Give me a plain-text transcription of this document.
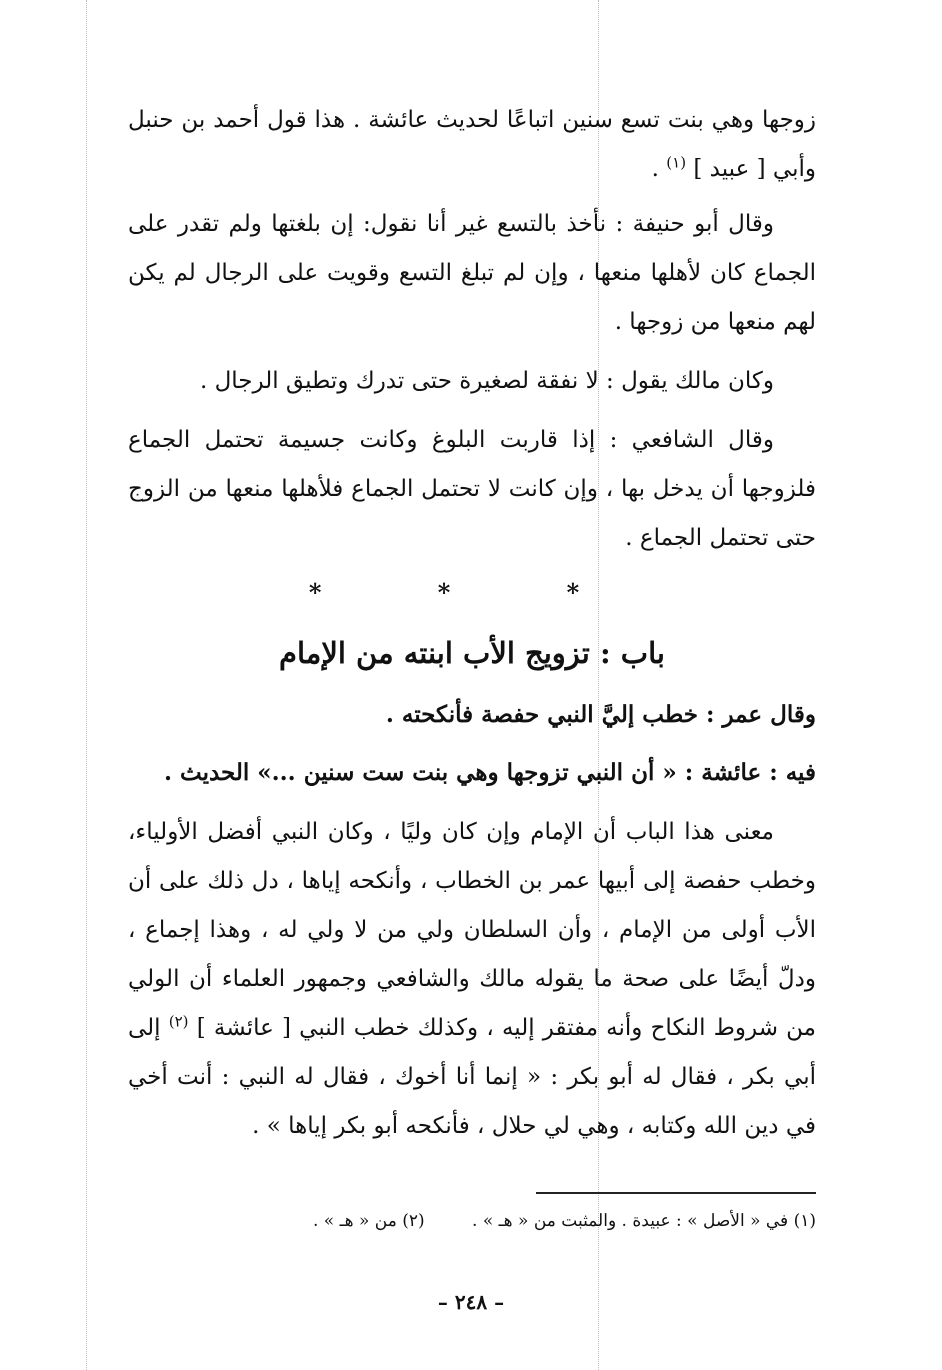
زوجها وهي بنت تسع سنين اتباعًا لحديث عائشة . هذا قول أحمد بن حنبل وأبي [ عبيد ] $^{(١)}$ .

وقال أبو حنيفة : نأخذ بالتسع غير أنا نقول: إن بلغتها ولم تقدر على الجماع كان لأهلها منعها ، وإن لم تبلغ التسع وقويت على الرجال لم يكن لهم منعها من زوجها .

وكان مالك يقول : لا نفقة لصغيرة حتى تدرك وتطيق الرجال .

وقال الشافعي : إذا قاربت البلوغ وكانت جسيمة تحتمل الجماع فلزوجها أن يدخل بها ، وإن كانت لا تحتمل الجماع فلأهلها منعها من الزوج حتى تحتمل الجماع .

* * *
باب : تزويج الأب ابنته من الإمام
وقال عمر : خطب إليَّ النبي حفصة فأنكحته .
فيه : عائشة : « أن النبي تزوجها وهي بنت ست سنين ...» الحديث .

معنى هذا الباب أن الإمام وإن كان وليًا ، وكان النبي أفضل الأولياء، وخطب حفصة إلى أبيها عمر بن الخطاب ، وأنكحه إياها ، دل ذلك على أن الأب أولى من الإمام ، وأن السلطان ولي من لا ولي له ، وهذا إجماع ، ودلّ أيضًا على صحة ما يقوله مالك والشافعي وجمهور العلماء أن الولي من شروط النكاح وأنه مفتقر إليه ، وكذلك خطب النبي [ عائشة ] $^{(٢)}$ إلى أبي بكر ، فقال له أبو بكر : « إنما أنا أخوك ، فقال له النبي : أنت أخي في دين الله وكتابه ، وهي لي حلال ، فأنكحه أبو بكر إياها » .

(١) في « الأصل » : عبيدة . والمثبت من « هـ » . (٢) من « هـ » .
– ٢٤٨ –
